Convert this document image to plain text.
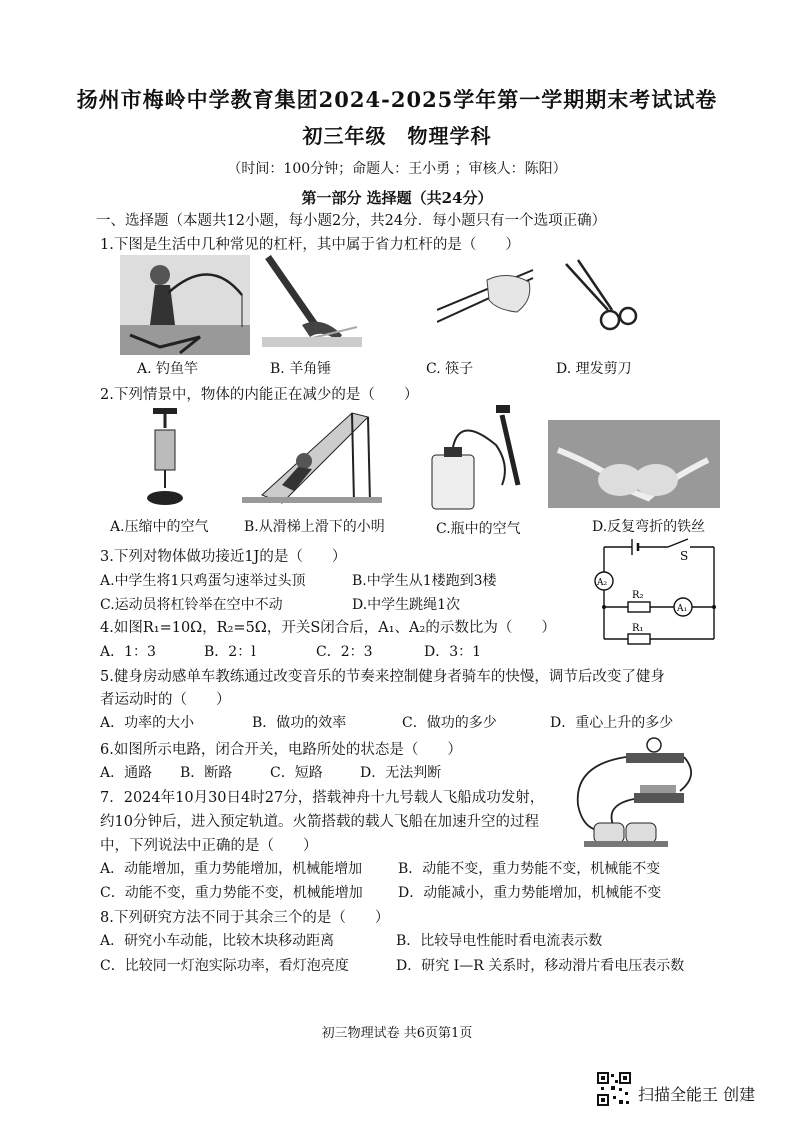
扬州市梅岭中学教育集团2024-2025学年第一学期期末考试试卷
初三年级　物理学科
（时间：100分钟；命题人：王小勇 ；审核人：陈阳）
第一部分 选择题（共24分）
一、选择题（本题共12小题，每小题2分，共24分．每小题只有一个选项正确）
1.下图是生活中几种常见的杠杆，其中属于省力杠杆的是（　　）
A. 钓鱼竿	B. 羊角锤	C. 筷子	D. 理发剪刀
2.下列情景中，物体的内能正在减少的是（　　）
A.压缩中的空气	B.从滑梯上滑下的小明	C.瓶中的空气	D.反复弯折的铁丝
3.下列对物体做功接近1J的是（　　）
A.中学生将1只鸡蛋匀速举过头顶	B.中学生从1楼跑到3楼
C.运动员将杠铃举在空中不动	D.中学生跳绳1次
S
A₂
A₁
R₂
R₁
4.如图R₁=10Ω，R₂=5Ω，开关S闭合后，A₁、A₂的示数比为（　　）
A．1：3	B．2：l	C．2：3	D．3：1
5.健身房动感单车教练通过改变音乐的节奏来控制健身者骑车的快慢，调节后改变了健身
者运动时的（　　）
A．功率的大小	B．做功的效率	C．做功的多少	D．重心上升的多少
6.如图所示电路，闭合开关，电路所处的状态是（　　）
A．通路 B．断路	C．短路	D．无法判断
7．2024年10月30日4时27分，搭载神舟十九号载人飞船成功发射，
约10分钟后，进入预定轨道。火箭搭载的载人飞船在加速升空的过程
中，下列说法中正确的是（　　）
A．动能增加，重力势能增加，机械能增加	B．动能不变，重力势能不变，机械能不变
C．动能不变，重力势能不变，机械能增加	D．动能减小，重力势能增加，机械能不变
8.下列研究方法不同于其余三个的是（　　）
A．研究小车动能，比较木块移动距离	B．比较导电性能时看电流表示数
C．比较同一灯泡实际功率，看灯泡亮度	D．研究 I—R 关系时，移动滑片看电压表示数
初三物理试卷 共6页第1页
扫描全能王 创建
